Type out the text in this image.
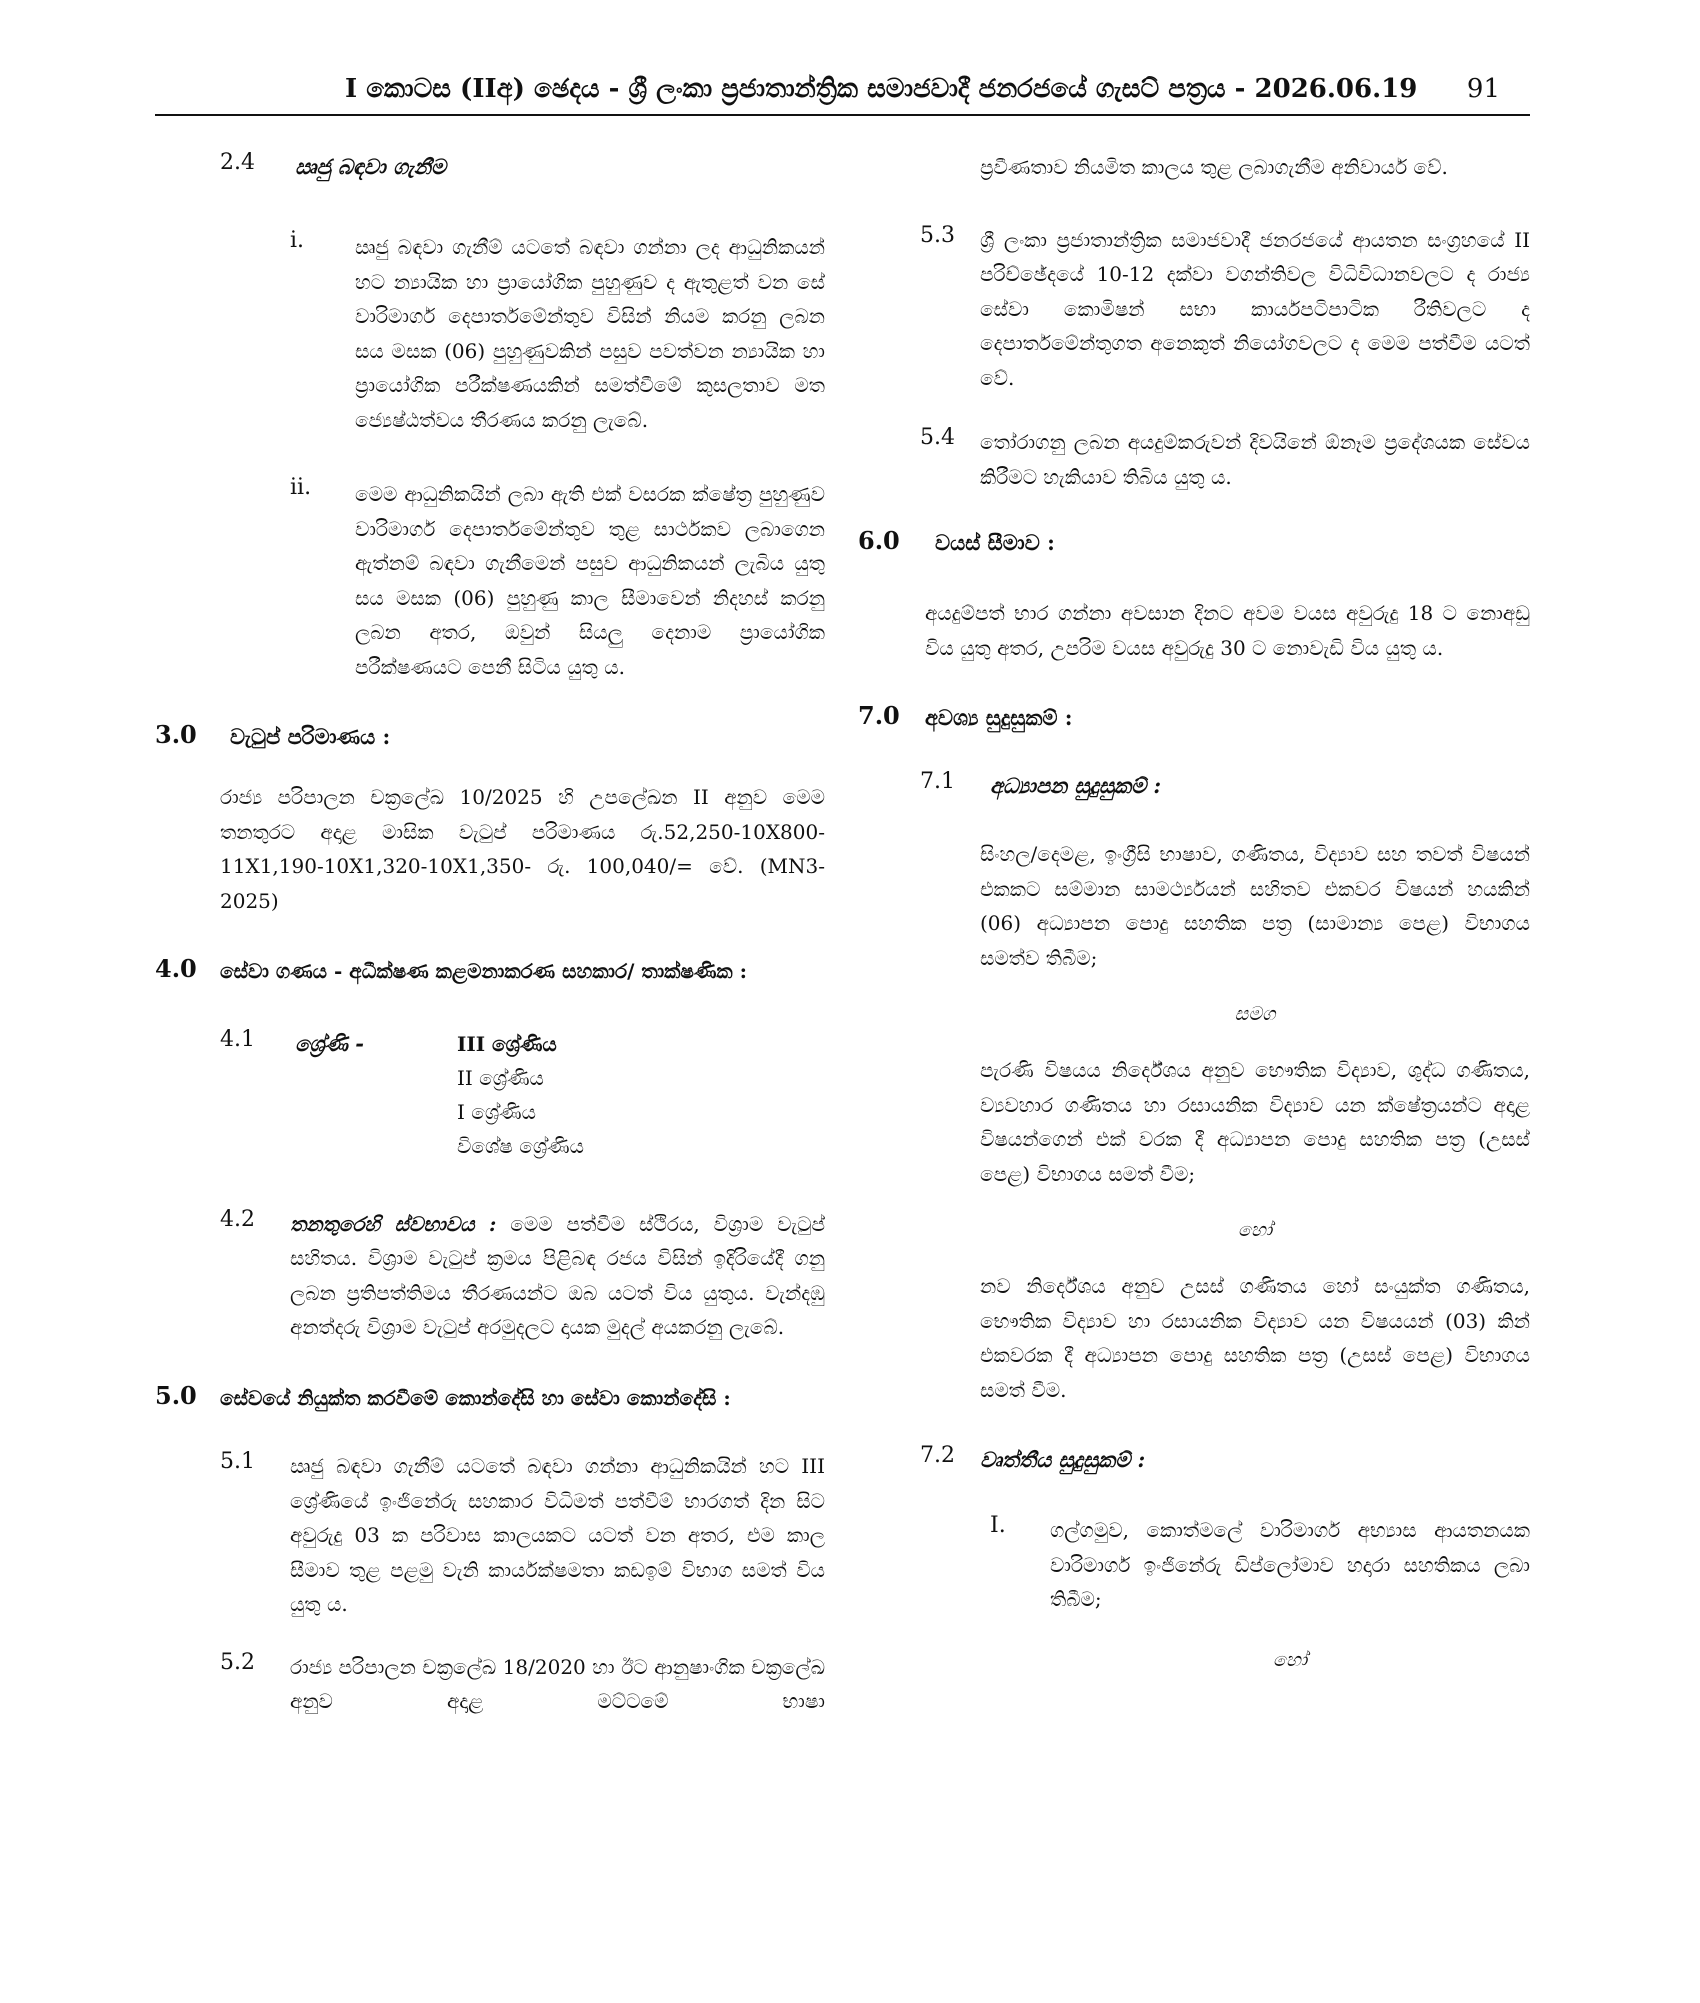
I කොටස (IIඅ) ඡෙදය - ශ්‍රී ලංකා ප්‍රජාතාන්ත්‍රික සමාජවාදී ජනරජයේ ගැසට් පත්‍රය - 2026.06.19 91
2.4 ඍජු බඳවා ගැනීම
i.	ඍජු බඳවා ගැනීම් යටතේ බඳවා ගන්නා ලද ආධුනිකයන් හට න්‍යායික හා ප්‍රායෝගික පුහුණුව ද ඇතුළත් වන සේ වාරිමාර්ග දෙපාර්තමේන්තුව විසින් නියම කරනු ලබන සය මසක (06) පුහුණුවකින් පසුව පවත්වන න්‍යායික හා ප්‍රායෝගික පරීක්ෂණයකින් සමත්වීමේ කුසලතාව මත ජ්‍යෙෂ්ඨත්වය තීරණය කරනු ලැබේ.

ii. මෙම ආධුනිකයින් ලබා ඇති එක් වසරක ක්ෂේත්‍ර පුහුණුව වාරිමාර්ග දෙපාර්තමේන්තුව තුළ සාර්ථකව ලබාගෙන ඇත්නම් බඳවා ගැනීමෙන් පසුව ආධුනිකයන් ලැබිය යුතු සය මසක (06) පුහුණු කාල සීමාවෙන් නිදහස් කරනු ලබන අතර, ඔවුන් සියලු දෙනාම ප්‍රායෝගික පරීක්ෂණයට පෙනී සිටිය යුතු ය.

3.0 වැටුප් පරිමාණය :

රාජ්‍ය පරිපාලන චක්‍රලේඛ 10/2025 හි උපලේඛන II අනුව මෙම තනතුරට අදාළ මාසික වැටුප් පරිමාණය රු.52,250-10X800-11X1,190-10X1,320-10X1,350- රු. 100,040/= වේ. (MN3-2025)

4.0 සේවා ගණය - අධීක්ෂණ කළමනාකරණ සහකාර/ තාක්ෂණික :

4.1 ශ්‍රේණි -	III ශ්‍රේණිය
II ශ්‍රේණිය
I ශ්‍රේණිය
විශේෂ ශ්‍රේණිය
4.2 තනතුරෙහි ස්වභාවය : මෙම පත්වීම ස්ථිරය, විශ්‍රාම වැටුප් සහිතය. විශ්‍රාම වැටුප් ක්‍රමය පිළිබඳ රජය විසින් ඉදිරියේදී ගනු ලබන ප්‍රතිපත්තිමය තීරණයන්ට ඔබ යටත් විය යුතුය. වැන්දඹු අනත්දරු විශ්‍රාම වැටුප් අරමුදලට දායක මුදල් අයකරනු ලැබේ.

5.0 සේවයේ නියුක්ත කරවීමේ කොන්දේසි හා සේවා කොන්දේසි :

5.1 ඍජු බඳවා ගැනීම් යටතේ බඳවා ගන්නා ආධුනිකයින් හට III ශ්‍රේණියේ ඉංජිනේරු සහකාර විධිමත් පත්වීම් භාරගත් දින සිට අවුරුදු 03 ක පරිවාස කාලයකට යටත් වන අතර, එම කාල සීමාව තුළ පළමු වැනි කාර්යක්ෂමතා කඩඉම් විභාග සමත් විය යුතු ය.

5.2 රාජ්‍ය පරිපාලන චක්‍රලේඛ 18/2020 හා ඊට ආනුෂාංගික චක්‍රලේඛ අනුව අදාළ මට්ටමේ භාෂා

ප්‍රවීණතාව නියමිත කාලය තුළ ලබාගැනීම අනිවාර්ය වේ.

5.3 ශ්‍රී ලංකා ප්‍රජාතාන්ත්‍රික සමාජවාදී ජනරජයේ ආයතන සංග්‍රහයේ II පරිච්ඡේදයේ 10-12 දක්වා වගන්තිවල විධිවිධානවලට ද රාජ්‍ය සේවා කොමිෂන් සභා කාර්යපටිපාටික රීතිවලට ද දෙපාර්තමේන්තුගත අනෙකුත් නියෝගවලට ද මෙම පත්වීම යටත් වේ.

5.4 තෝරාගනු ලබන අයදුම්කරුවන් දිවයිනේ ඕනෑම ප්‍රදේශයක සේවය කිරීමට හැකියාව තිබිය යුතු ය.

6.0 වයස් සීමාව :

අයදුම්පත් භාර ගන්නා අවසාන දිනට අවම වයස අවුරුදු 18 ට නොඅඩු විය යුතු අතර, උපරිම වයස අවුරුදු 30 ට නොවැඩි විය යුතු ය.

7.0 අවශ්‍ය සුදුසුකම් :
7.1 අධ්‍යාපන සුදුසුකම් :

සිංහල/දෙමළ, ඉංග්‍රීසි භාෂාව, ගණිතය, විද්‍යාව සහ තවත් විෂයන් එකකට සම්මාන සාමර්ථ්‍යයන් සහිතව එකවර විෂයන් හයකින් (06) අධ්‍යාපන පොදු සහතික පත්‍ර (සාමාන්‍ය පෙළ) විභාගය සමත්ව තිබීම;

සමග

පැරණි විෂයය නිර්දේශය අනුව භෞතික විද්‍යාව, ශුද්ධ ගණිතය, ව්‍යවහාර ගණිතය හා රසායනික විද්‍යාව යන ක්ෂේත්‍රයන්ට අදාළ විෂයන්ගෙන් එක් වරක දී අධ්‍යාපන පොදු සහතික පත්‍ර (උසස් පෙළ) විභාගය සමත් වීම;

හෝ

නව නිර්දේශය අනුව උසස් ගණිතය හෝ සංයුක්ත ගණිතය, භෞතික විද්‍යාව හා රසායනික විද්‍යාව යන විෂයයන් (03) කින් එකවරක දී අධ්‍යාපන පොදු සහතික පත්‍ර (උසස් පෙළ) විභාගය සමත් වීම.

7.2 වෘත්තීය සුදුසුකම් :
I. ගල්ගමුව, කොත්මලේ වාරිමාර්ග අභ්‍යාස ආයතනයක වාරිමාර්ග ඉංජිනේරු ඩිප්ලෝමාව හදාරා සහතිකය ලබා තිබීම;

හෝ
